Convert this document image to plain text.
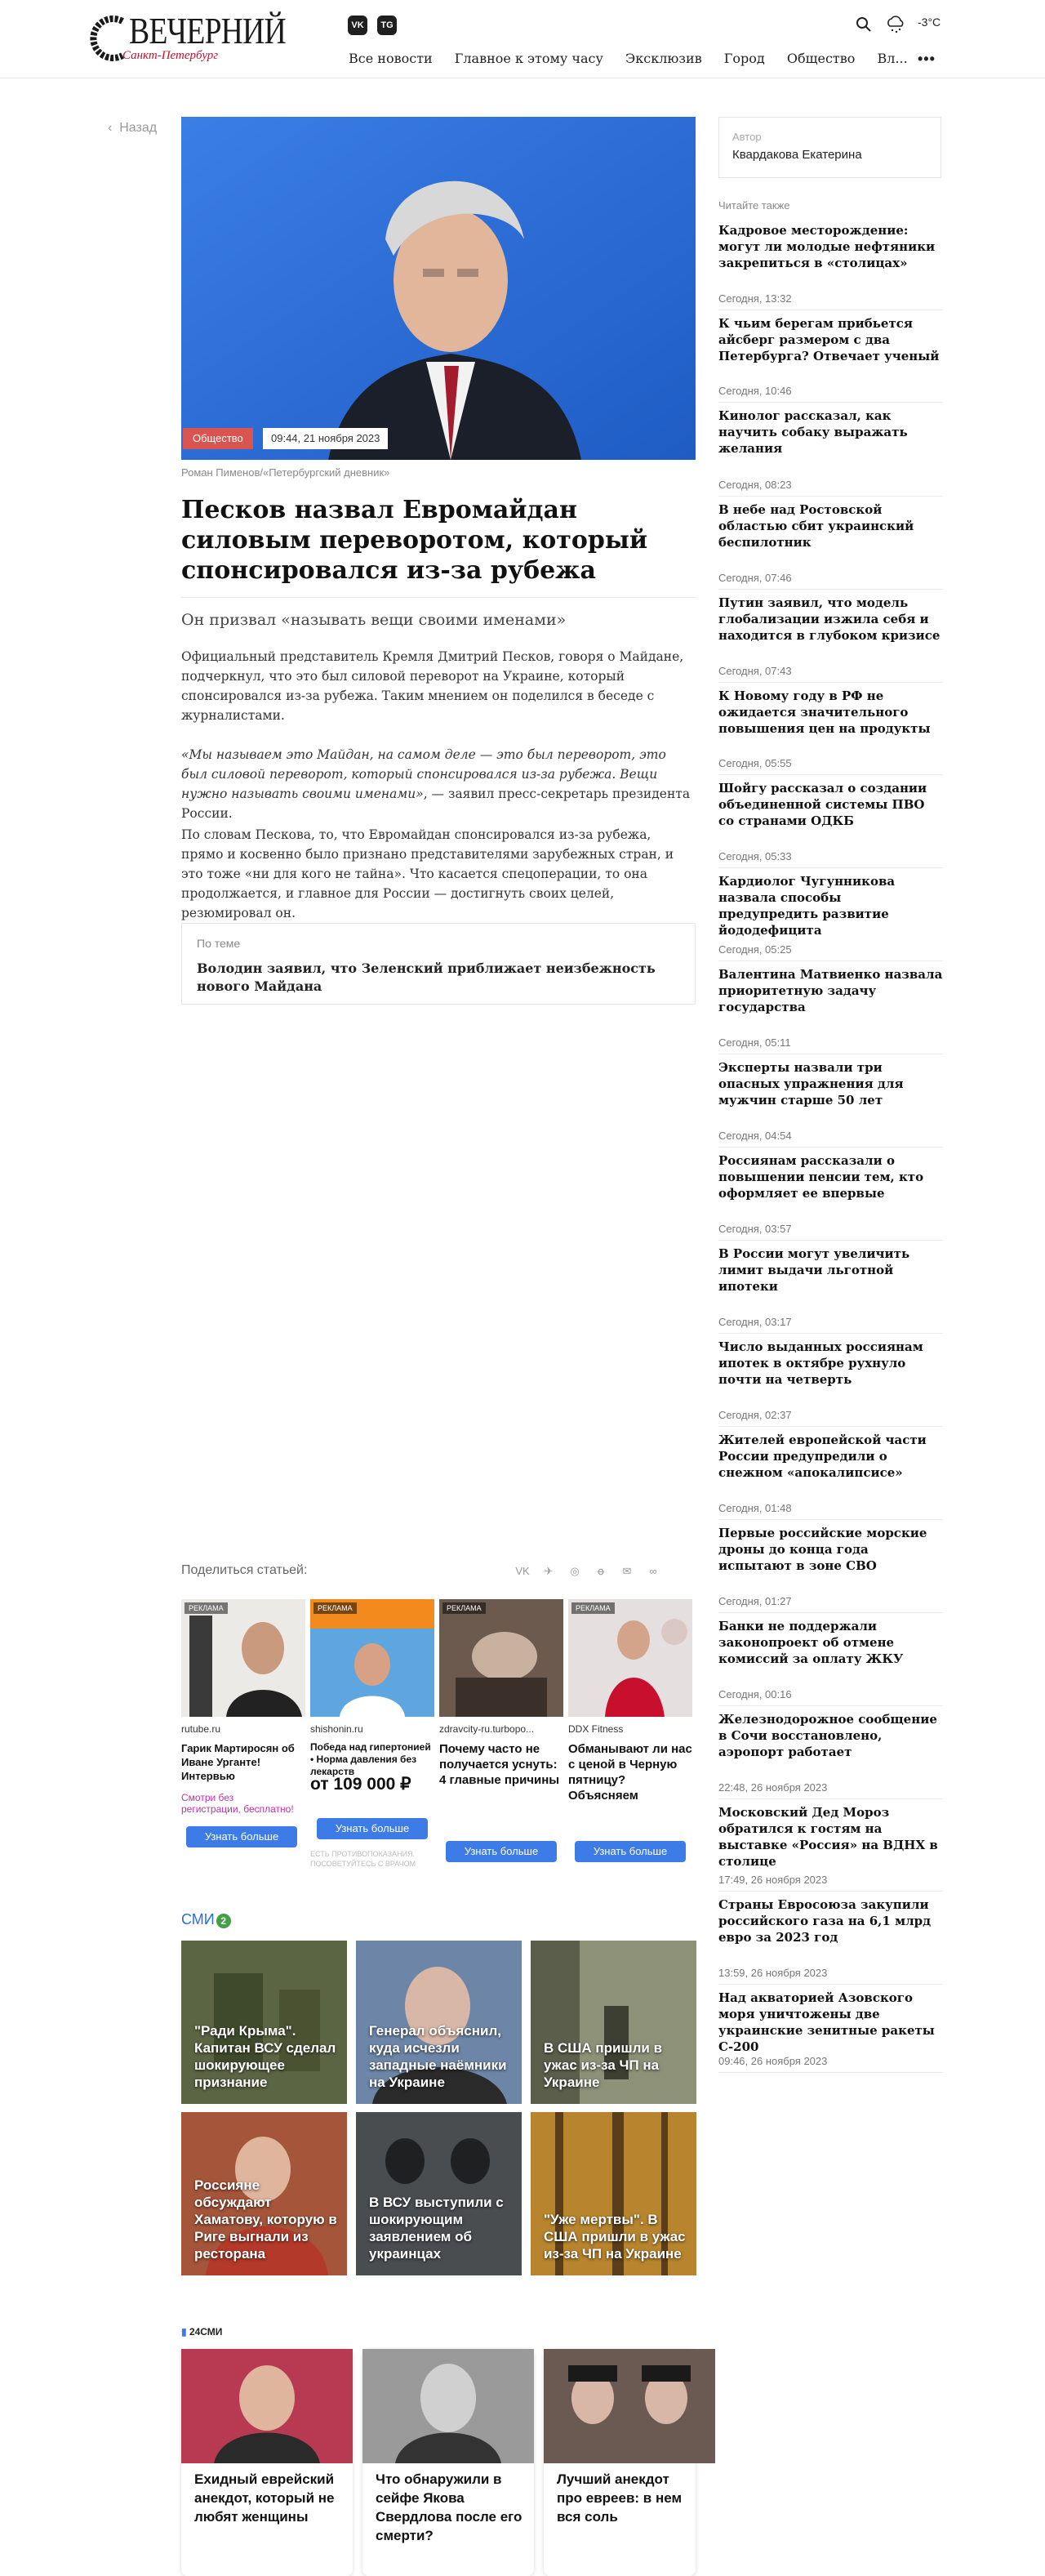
ВЕЧЕРНИЙ
Санкт-Петербург
VK	TG	-3°C
Все новости Главное к этому часу Эксклюзив Город Общество Вл... •••
‹  Назад
Общество	09:44, 21 ноября 2023
Роман Пименов/«Петербургский дневник»
Песков назвал Евромайдан силовым переворотом, который спонсировался из-за рубежа
Он призвал «называть вещи своими именами»
Официальный представитель Кремля Дмитрий Песков, говоря о Майдане, подчеркнул, что это был силовой переворот на Украине, который спонсировался из-за рубежа. Таким мнением он поделился в беседе с журналистами.
«Мы называем это Майдан, на самом деле — это был переворот, это был силовой переворот, который спонсировался из-за рубежа. Вещи нужно называть своими именами», — заявил пресс-секретарь президента России.
По словам Пескова, то, что Евромайдан спонсировался из-за рубежа, прямо и косвенно было признано представителями зарубежных стран, и это тоже «ни для кого не тайна». Что касается спецоперации, то она продолжается, и главное для России — достигнуть своих целей, резюмировал он.
По теме
Володин заявил, что Зеленский приближает неизбежность нового Майдана
Поделиться статьей:	VK ✈ ◎ ꝋ ✉ ∞
РЕКЛАМА
rutube.ru
Гарик Мартиросян об Иване Урганте! Интервью
Смотри без регистрации, бесплатно!
Узнать больше
РЕКЛАМА
shishonin.ru
Победа над гипертонией • Норма давления без лекарств
от 109 000 ₽
Узнать больше
ЕСТЬ ПРОТИВОПОКАЗАНИЯ. ПОСОВЕТУЙТЕСЬ С ВРАЧОМ
РЕКЛАМА
zdravcity-ru.turbopo...
Почему часто не получается уснуть: 4 главные причины
Узнать больше
РЕКЛАМА
DDX Fitness
Обманывают ли нас с ценой в Черную пятницу? Объясняем
Узнать больше
СМИ 2
"Ради Крыма". Капитан ВСУ сделал шокирующее признание
Генерал объяснил, куда исчезли западные наёмники на Украине
В США пришли в ужас из-за ЧП на Украине
Россияне обсуждают Хаматову, которую в Риге выгнали из ресторана
В ВСУ выступили с шокирующим заявлением об украинцах
"Уже мертвы". В США пришли в ужас из-за ЧП на Украине
▮ 24СМИ
Ехидный еврейский анекдот, который не любят женщины
Что обнаружили в сейфе Якова Свердлова после его смерти?
Лучший анекдот про евреев: в нем вся соль
Автор
Квардакова Екатерина
Читайте также
Кадровое месторождение: могут ли молодые нефтяники закрепиться в «столицах»
Сегодня, 13:32
К чьим берегам прибьется айсберг размером с два Петербурга? Отвечает ученый
Сегодня, 10:46
Кинолог рассказал, как научить собаку выражать желания
Сегодня, 08:23
В небе над Ростовской областью сбит украинский беспилотник
Сегодня, 07:46
Путин заявил, что модель глобализации изжила себя и находится в глубоком кризисе
Сегодня, 07:43
К Новому году в РФ не ожидается значительного повышения цен на продукты
Сегодня, 05:55
Шойгу рассказал о создании объединенной системы ПВО со странами ОДКБ
Сегодня, 05:33
Кардиолог Чугунникова назвала способы предупредить развитие йододефицита
Сегодня, 05:25
Валентина Матвиенко назвала приоритетную задачу государства
Сегодня, 05:11
Эксперты назвали три опасных упражнения для мужчин старше 50 лет
Сегодня, 04:54
Россиянам рассказали о повышении пенсии тем, кто оформляет ее впервые
Сегодня, 03:57
В России могут увеличить лимит выдачи льготной ипотеки
Сегодня, 03:17
Число выданных россиянам ипотек в октябре рухнуло почти на четверть
Сегодня, 02:37
Жителей европейской части России предупредили о снежном «апокалипсисе»
Сегодня, 01:48
Первые российские морские дроны до конца года испытают в зоне СВО
Сегодня, 01:27
Банки не поддержали законопроект об отмене комиссий за оплату ЖКУ
Сегодня, 00:16
Железнодорожное сообщение в Сочи восстановлено, аэропорт работает
22:48, 26 ноября 2023
Московский Дед Мороз обратился к гостям на выставке «Россия» на ВДНХ в столице
17:49, 26 ноября 2023
Страны Евросоюза закупили российского газа на 6,1 млрд евро за 2023 год
13:59, 26 ноября 2023
Над акваторией Азовского моря уничтожены две украинские зенитные ракеты С-200
09:46, 26 ноября 2023
